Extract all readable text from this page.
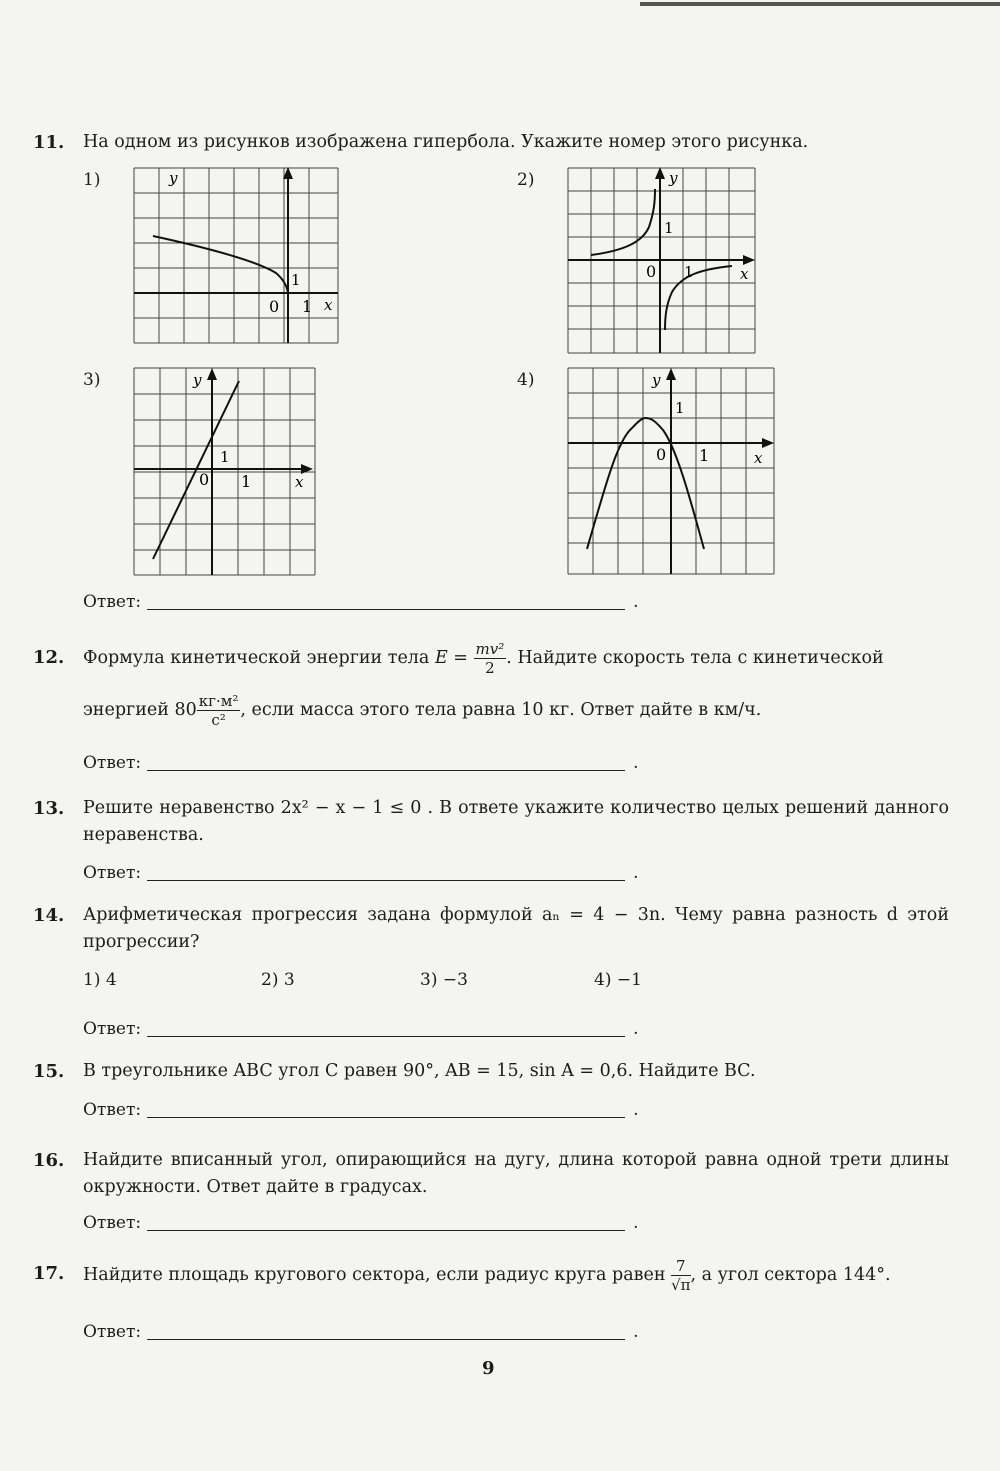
11. На одном из рисунков изображена гипербола. Укажите номер этого рисунка.
1)	2)
3)	4)
y
1
0 1 x
y
1
0 1	x
y
1
0 1	x
y
1
0 1	x
Ответ:	.
12. Формула кинетической энергии тела $E = \frac{\text{mv²}}{2}$ . Найдите скорость тела с кинетической
энергией $80 \frac{\text{кг·м²}}{\text{с²}}$ , если масса этого тела равна 10 кг. Ответ дайте в км/ч.
Ответ:	.
13. Решите неравенство 2x² − x − 1 ≤ 0 . В ответе укажите количество целых решений данного неравенства.
Ответ:	.
14. Арифметическая прогрессия задана формулой aₙ = 4 − 3n. Чему равна разность d этой прогрессии?
1) 4	2) 3	3) −3	4) −1
Ответ:	.
15. В треугольнике ABC угол C равен 90°, AB = 15, sin A = 0,6. Найдите BC.
Ответ:	.
16. Найдите вписанный угол, опирающийся на дугу, длина которой равна одной трети длины окружности. Ответ дайте в градусах.
Ответ:	.
17. Найдите площадь кругового сектора, если радиус круга равен $\frac{7}{√\pi}$ , а угол сектора 144°.
Ответ:	.
9
